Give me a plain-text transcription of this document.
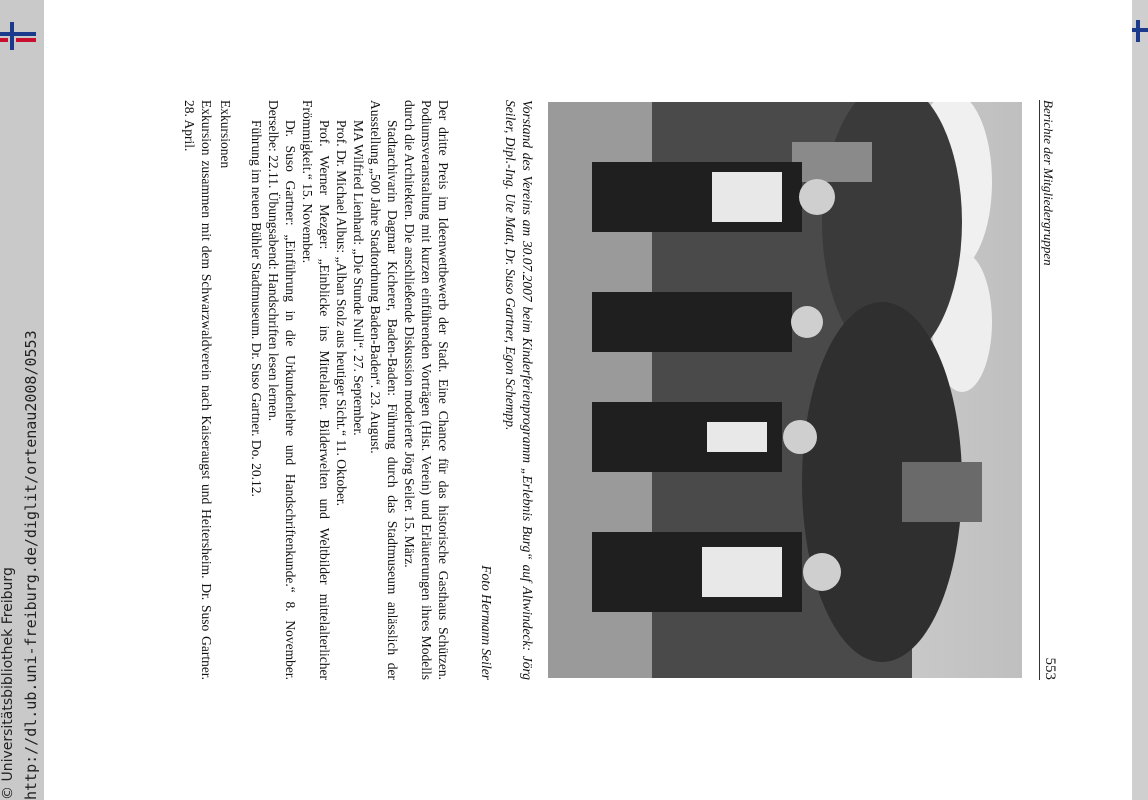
http://dl.ub.uni-freiburg.de/diglit/ortenau2008/0553
© Universitätsbibliothek Freiburg
Berichte der Mitgliedergruppen
553
Vorstand des Vereins am 30.07.2007 beim Kinderferienprogramm „Erlebnis Burg“ auf Altwindeck: Jörg Seiler, Dipl.-Ing. Ute Matt, Dr. Suso Gartner, Egon Schempp.
Foto Hermann Seiler

Der dritte Preis im Ideenwettbewerb der Stadt. Eine Chance für das historische Gasthaus Schützen. Podiumsveranstaltung mit kurzen einführenden Vorträgen (Hist. Verein) und Erläuterungen ihres Modells durch die Architekten. Die anschließende Diskussion moderierte Jörg Seiler. 15. März.

Stadtarchivarin Dagmar Kicherer, Baden-Baden: Führung durch das Stadtmuseum anlässlich der Ausstellung „500 Jahre Stadtordnung Baden-Baden“. 23. August.

MA Wilfried Lienhard: „Die Stunde Null“. 27. September.

Prof. Dr. Michael Albus: „Alban Stolz aus heutiger Sicht.“ 11. Oktober.

Prof. Werner Mezger: „Einblicke ins Mittelalter. Bilderwelten und Weltbilder mittelalterlicher Frömmigkeit.“ 15. November.

Dr. Suso Gartner: „Einführung in die Urkundenlehre und Handschriftenkunde.“ 8. November. Derselbe: 22.11. Übungsabend: Handschriften lesen lernen.

Führung im neuen Bühler Stadtmuseum. Dr. Suso Gartner. Do. 20.12.

Exkursionen

Exkursion zusammen mit dem Schwarzwaldverein nach Kaiseraugst und Heitersheim. Dr. Suso Gartner. 28. April.
